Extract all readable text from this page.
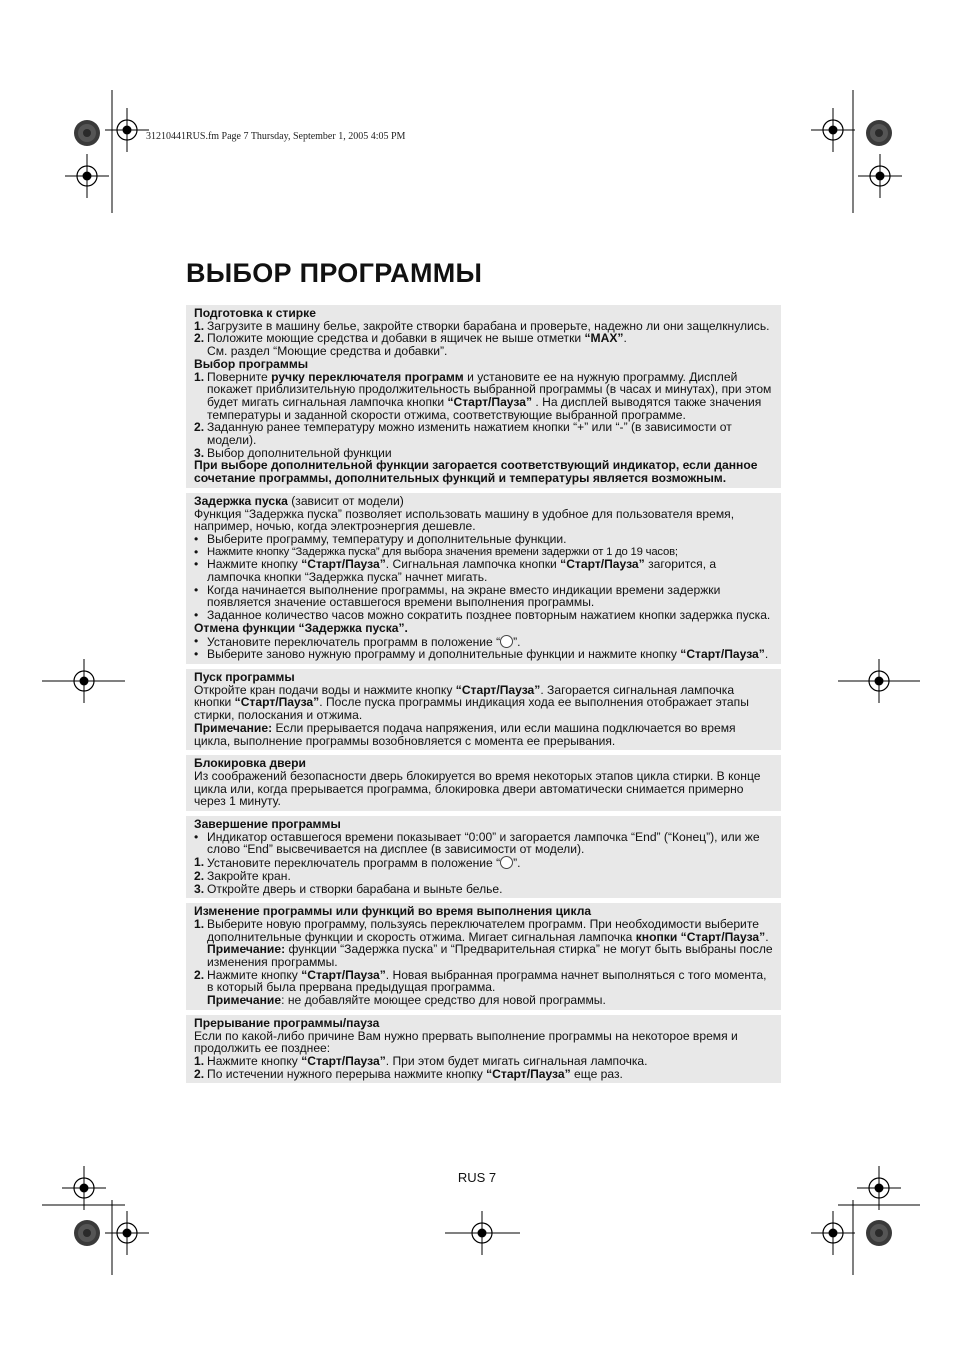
31210441RUS.fm Page 7 Thursday, September 1, 2005 4:05 PM
ВЫБОР ПРОГРАММЫ
Подготовка к стирке
1. Загрузите в машину белье, закройте створки барабана и проверьте, надежно ли они защелкнулись.
2. Положите моющие средства и добавки в ящичек не выше отметки “MAX”.
См. раздел “Моющие средства и добавки”.
Выбор программы
1. Поверните ручку переключателя программ и установите ее на нужную программу. Дисплей покажет приблизительную продолжительность выбранной программы (в часах и минутах), при этом будет мигать сигнальная лампочка кнопки “Старт/Пауза” . На дисплей выводятся также значения температуры и заданной скорости отжима, соответствующие выбранной программе.
2. Заданную ранее температуру можно изменить нажатием кнопки “+” или “-” (в зависимости от модели).
3. Выбор дополнительной функции
При выборе дополнительной функции загорается соответствующий индикатор, если данное сочетание программы, дополнительных функций и температуры является возможным.
Задержка пуска (зависит от модели)
Функция “Задержка пуска” позволяет использовать машину в удобное для пользователя время, например, ночью, когда электроэнергия дешевле.
• Выберите программу, температуру и дополнительные функции.
• Нажмите кнопку “Задержка пуска” для выбора значения времени задержки от 1 до 19 часов;
• Нажмите кнопку “Старт/Пауза”. Сигнальная лампочка кнопки “Старт/Пауза” загорится, а лампочка кнопки “Задержка пуска” начнет мигать.
• Когда начинается выполнение программы, на экране вместо индикации времени задержки появляется значение оставшегося времени выполнения программы.
• Заданное количество часов можно сократить позднее повторным нажатием кнопки задержка пуска.
Отмена функции “Задержка пуска”.
• Установите переключатель программ в положение “ ”.
• Выберите заново нужную программу и дополнительные функции и нажмите кнопку “Старт/Пауза”.
Пуск программы
Откройте кран подачи воды и нажмите кнопку “Старт/Пауза”. Загорается сигнальная лампочка кнопки “Старт/Пауза”. После пуска программы индикация хода ее выполнения отображает этапы стирки, полоскания и отжима.
Примечание: Если прерывается подача напряжения, или если машина подключается во время цикла, выполнение программы возобновляется с момента ее прерывания.
Блокировка двери
Из соображений безопасности дверь блокируется во время некоторых этапов цикла стирки. В конце цикла или, когда прерывается программа, блокировка двери автоматически снимается примерно через 1 минуту.
Завершение программы
• Индикатор оставшегося времени показывает “0:00” и загорается лампочка “End” (“Конец”), или же слово “End” высвечивается на дисплее (в зависимости от модели).
1. Установите переключатель программ в положение “ ”.
2. Закройте кран.
3. Откройте дверь и створки барабана и выньте белье.
Изменение программы или функций во время выполнения цикла
1. Выберите новую программу, пользуясь переключателем программ. При необходимости выберите дополнительные функции и скорость отжима. Мигает сигнальная лампочка кнопки “Старт/Пауза”.
Примечание: функции “Задержка пуска” и “Предварительная стирка” не могут быть выбраны после изменения программы.
2. Нажмите кнопку “Старт/Пауза”. Новая выбранная программа начнет выполняться с того момента, в который была прервана предыдущая программа.
Примечание: не добавляйте моющее средство для новой программы.
Прерывание программы/пауза
Если по какой-либо причине Вам нужно прервать выполнение программы на некоторое время и продолжить ее позднее:
1. Нажмите кнопку “Старт/Пауза”. При этом будет мигать сигнальная лампочка.
2. По истечении нужного перерыва нажмите кнопку “Старт/Пауза” еще раз.
RUS 7
